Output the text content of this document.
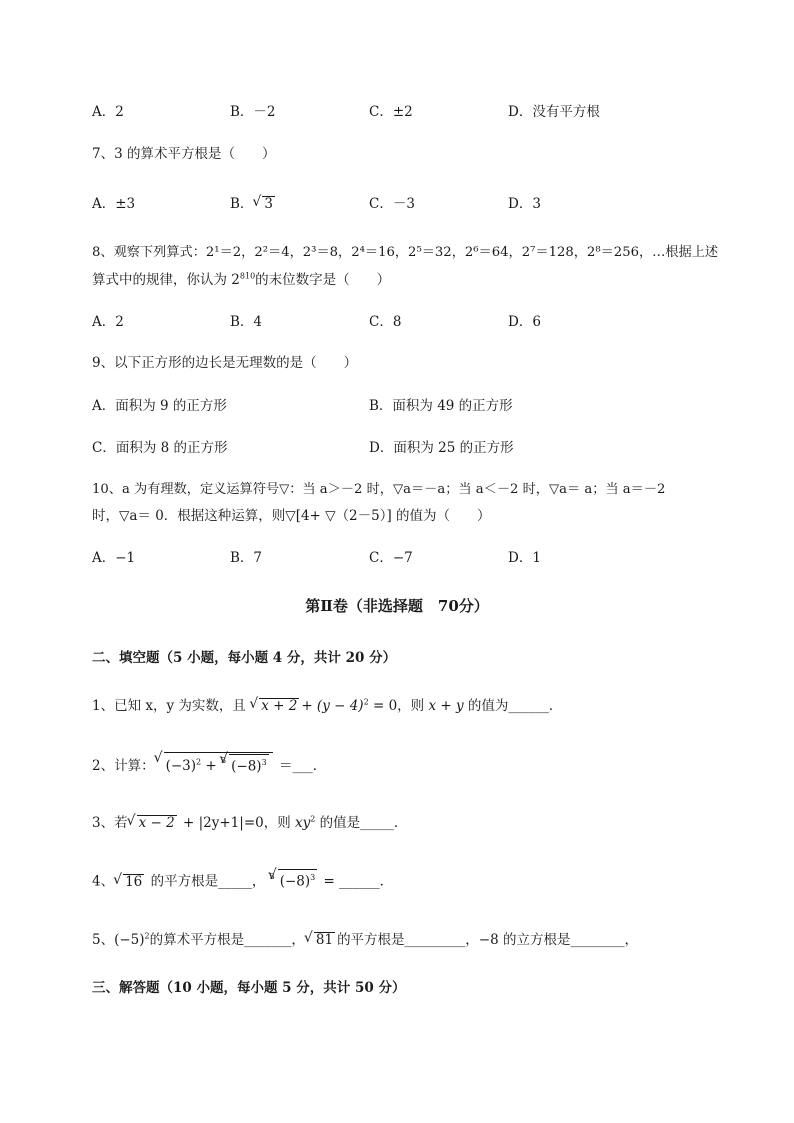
A．2	B．－2	C．±2	D．没有平方根
7、3 的算术平方根是（　　）
A．±3	B．√ 3	C．－3	D．3
8、观察下列算式：2¹＝2，2²＝4，2³＝8，2⁴＝16，2⁵＝32，2⁶＝64，2⁷＝128，2⁸＝256，…根据上述
算式中的规律，你认为 $2^{810}$的末位数字是（　　）
A．2	B．4	C．8	D．6
9、以下正方形的边长是无理数的是（　　）
A．面积为 9 的正方形	B．面积为 49 的正方形
C．面积为 8 的正方形	D．面积为 25 的正方形
10、a 为有理数，定义运算符号▽：当 a＞－2 时，▽a＝－a；当 a＜－2 时，▽a＝ a；当 a＝－2
时，▽a＝ 0．根据这种运算，则▽[4+ ▽（2－5）] 的值为（　　）
A．−1	B．7	C．−7	D．1
第Ⅱ卷（非选择题　70分）
二、填空题（5 小题，每小题 4 分，共计 20 分）
1、已知 x，y 为实数，且 √ $x + 2 + (y - 4)^2 = 0$，则 x + y 的值为______．
2、计算：√ $(-3)^2 + ^3√$ $(-8)^3$ ＝___．
3、若√ x − 2 + |2y+1|=0，则 $xy^2$ 的值是_____．
4、√ 16 的平方根是_____， $^3$√ $(-8)^3$ = ______．
5、$(-5)^2$的算术平方根是_______，√ 81 的平方根是_________，−8 的立方根是________，
三、解答题（10 小题，每小题 5 分，共计 50 分）
